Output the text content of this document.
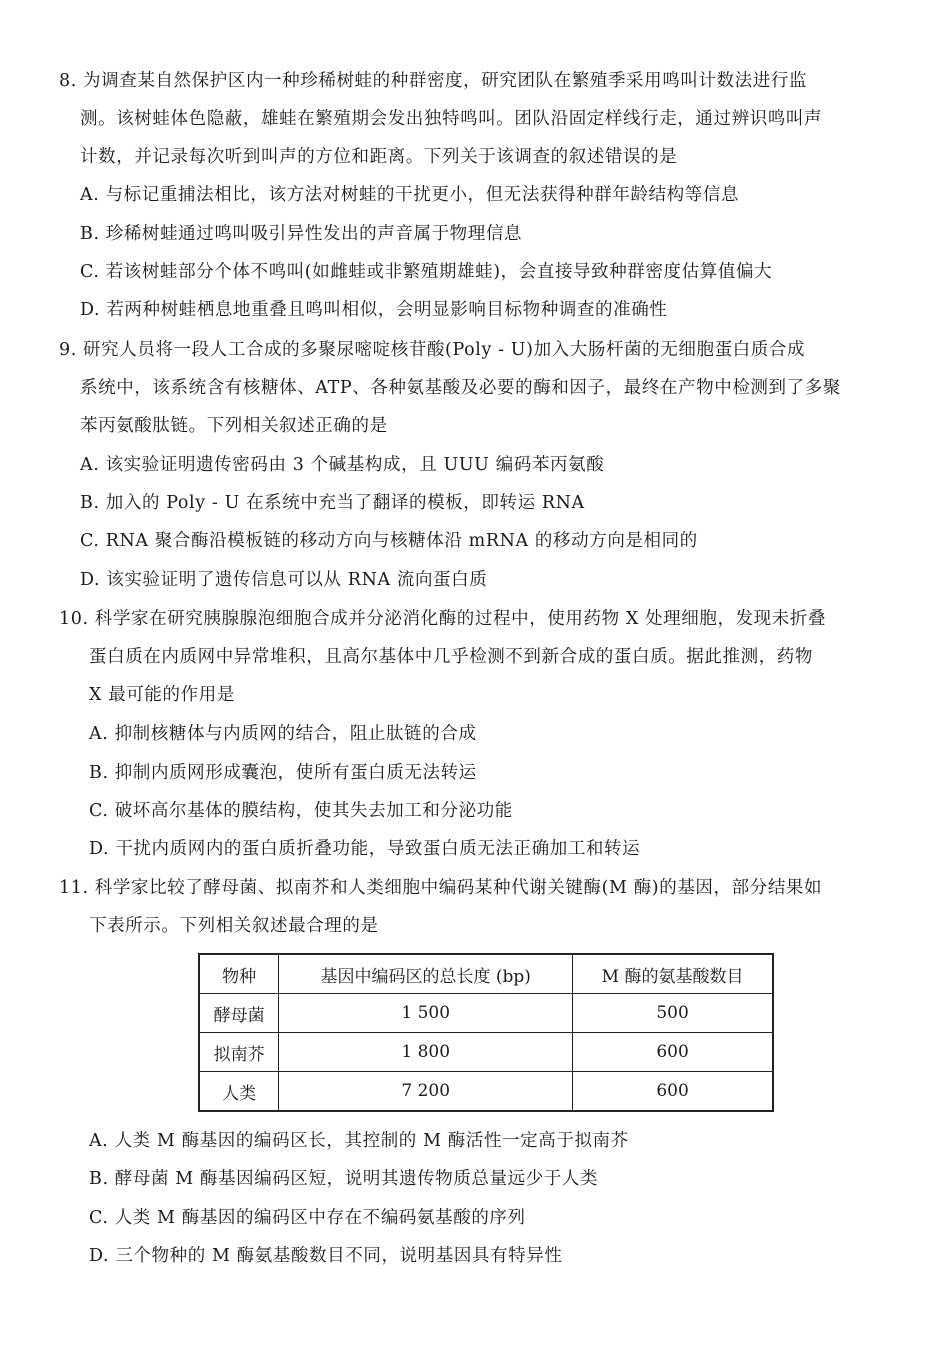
8. 为调查某自然保护区内一种珍稀树蛙的种群密度，研究团队在繁殖季采用鸣叫计数法进行监
测。该树蛙体色隐蔽，雄蛙在繁殖期会发出独特鸣叫。团队沿固定样线行走，通过辨识鸣叫声
计数，并记录每次听到叫声的方位和距离。下列关于该调查的叙述错误的是
A. 与标记重捕法相比，该方法对树蛙的干扰更小，但无法获得种群年龄结构等信息
B. 珍稀树蛙通过鸣叫吸引异性发出的声音属于物理信息
C. 若该树蛙部分个体不鸣叫(如雌蛙或非繁殖期雄蛙)，会直接导致种群密度估算值偏大
D. 若两种树蛙栖息地重叠且鸣叫相似，会明显影响目标物种调查的准确性
9. 研究人员将一段人工合成的多聚尿嘧啶核苷酸(Poly - U)加入大肠杆菌的无细胞蛋白质合成
系统中，该系统含有核糖体、ATP、各种氨基酸及必要的酶和因子，最终在产物中检测到了多聚
苯丙氨酸肽链。下列相关叙述正确的是
A. 该实验证明遗传密码由 3 个碱基构成，且 UUU 编码苯丙氨酸
B. 加入的 Poly - U 在系统中充当了翻译的模板，即转运 RNA
C. RNA 聚合酶沿模板链的移动方向与核糖体沿 mRNA 的移动方向是相同的
D. 该实验证明了遗传信息可以从 RNA 流向蛋白质
10. 科学家在研究胰腺腺泡细胞合成并分泌消化酶的过程中，使用药物 X 处理细胞，发现未折叠
蛋白质在内质网中异常堆积，且高尔基体中几乎检测不到新合成的蛋白质。据此推测，药物
X 最可能的作用是
A. 抑制核糖体与内质网的结合，阻止肽链的合成
B. 抑制内质网形成囊泡，使所有蛋白质无法转运
C. 破坏高尔基体的膜结构，使其失去加工和分泌功能
D. 干扰内质网内的蛋白质折叠功能，导致蛋白质无法正确加工和转运
11. 科学家比较了酵母菌、拟南芥和人类细胞中编码某种代谢关键酶(M 酶)的基因，部分结果如
下表所示。下列相关叙述最合理的是
物种	基因中编码区的总长度 (bp)	M 酶的氨基酸数目
酵母菌	1 500	500
拟南芥	1 800	600
人类	7 200	600
A. 人类 M 酶基因的编码区长，其控制的 M 酶活性一定高于拟南芥
B. 酵母菌 M 酶基因编码区短，说明其遗传物质总量远少于人类
C. 人类 M 酶基因的编码区中存在不编码氨基酸的序列
D. 三个物种的 M 酶氨基酸数目不同，说明基因具有特异性
